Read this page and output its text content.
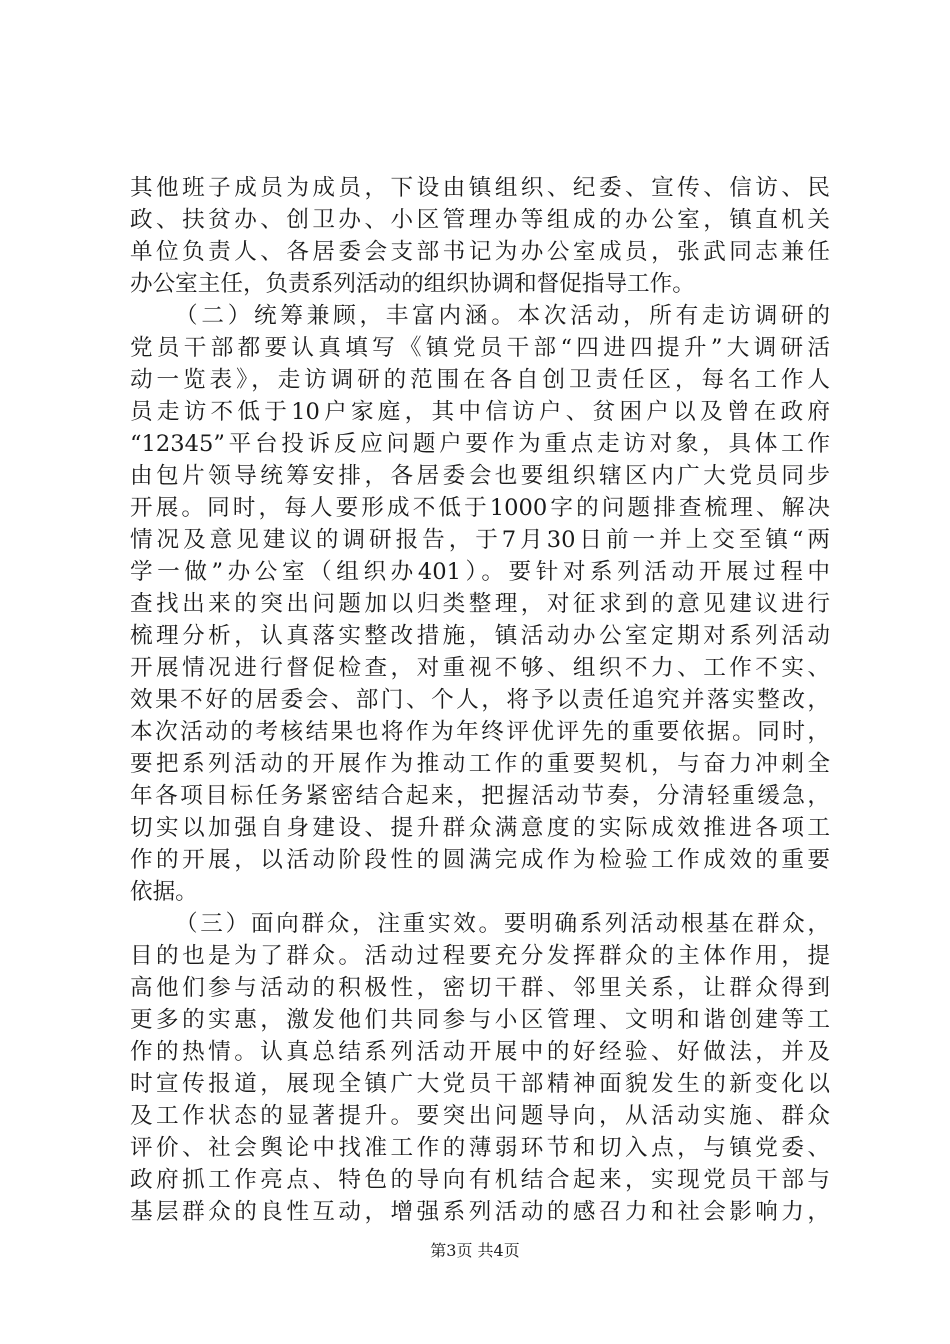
其他班子成员为成员，下设由镇组织、纪委、宣传、信访、民
政、扶贫办、创卫办、小区管理办等组成的办公室，镇直机关
单位负责人、各居委会支部书记为办公室成员，张武同志兼任
办公室主任，负责系列活动的组织协调和督促指导工作。
（二）统筹兼顾，丰富内涵。本次活动，所有走访调研的
党员干部都要认真填写《镇党员干部“四进四提升”大调研活
动一览表》，走访调研的范围在各自创卫责任区，每名工作人
员走访不低于10户家庭，其中信访户、贫困户以及曾在政府
“12345”平台投诉反应问题户要作为重点走访对象，具体工作
由包片领导统筹安排，各居委会也要组织辖区内广大党员同步
开展。同时，每人要形成不低于1000字的问题排查梳理、解决
情况及意见建议的调研报告，于7月30日前一并上交至镇“两
学一做”办公室（组织办401）。要针对系列活动开展过程中
查找出来的突出问题加以归类整理，对征求到的意见建议进行
梳理分析，认真落实整改措施，镇活动办公室定期对系列活动
开展情况进行督促检查，对重视不够、组织不力、工作不实、
效果不好的居委会、部门、个人，将予以责任追究并落实整改，
本次活动的考核结果也将作为年终评优评先的重要依据。同时，
要把系列活动的开展作为推动工作的重要契机，与奋力冲刺全
年各项目标任务紧密结合起来，把握活动节奏，分清轻重缓急，
切实以加强自身建设、提升群众满意度的实际成效推进各项工
作的开展，以活动阶段性的圆满完成作为检验工作成效的重要
依据。
（三）面向群众，注重实效。要明确系列活动根基在群众，
目的也是为了群众。活动过程要充分发挥群众的主体作用，提
高他们参与活动的积极性，密切干群、邻里关系，让群众得到
更多的实惠，激发他们共同参与小区管理、文明和谐创建等工
作的热情。认真总结系列活动开展中的好经验、好做法，并及
时宣传报道，展现全镇广大党员干部精神面貌发生的新变化以
及工作状态的显著提升。要突出问题导向，从活动实施、群众
评价、社会舆论中找准工作的薄弱环节和切入点，与镇党委、
政府抓工作亮点、特色的导向有机结合起来，实现党员干部与
基层群众的良性互动，增强系列活动的感召力和社会影响力，
第3页 共4页
